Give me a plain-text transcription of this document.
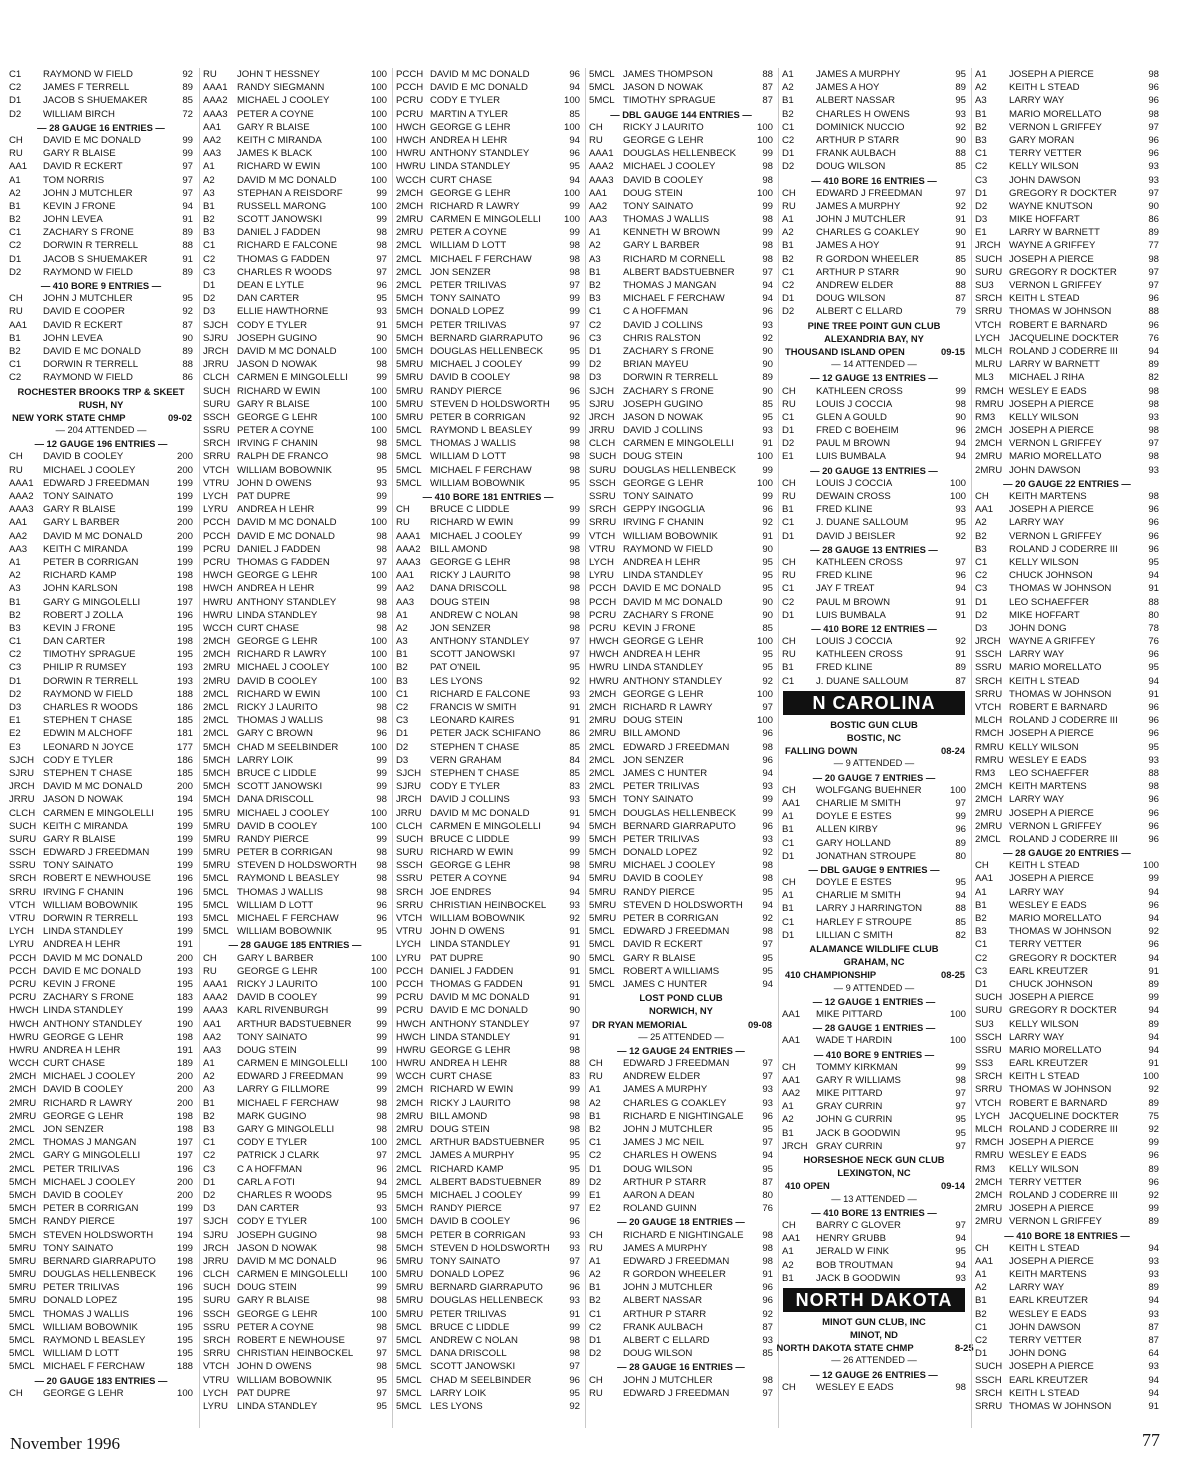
C1	RAYMOND W FIELD	92
C2	JAMES F TERRELL	89
D1	JACOB S SHUEMAKER	85
D2	WILLIAM BIRCH	72
— 28 GAUGE 16 ENTRIES —
CH	DAVID E MC DONALD	99
RU	GARY R BLAISE	99
AA1	DAVID R ECKERT	97
A1	TOM NORRIS	97
A2	JOHN J MUTCHLER	97
B1	KEVIN J FRONE	94
B2	JOHN LEVEA	91
C1	ZACHARY S FRONE	89
C2	DORWIN R TERRELL	88
D1	JACOB S SHUEMAKER	91
D2	RAYMOND W FIELD	89
— 410 BORE 9 ENTRIES —
CH	JOHN J MUTCHLER	95
RU	DAVID E COOPER	92
AA1	DAVID R ECKERT	87
B1	JOHN LEVEA	90
B2	DAVID E MC DONALD	89
C1	DORWIN R TERRELL	88
C2	RAYMOND W FIELD	86
ROCHESTER BROOKS TRP & SKEET
RUSH, NY
NEW YORK STATE CHMP	09-02
— 204 ATTENDED —
— 12 GAUGE 196 ENTRIES —
CH	DAVID B COOLEY	200
RU	MICHAEL J COOLEY	200
AAA1 EDWARD J FREEDMAN	199
AAA2 TONY SAINATO	199
AAA3 GARY R BLAISE	199
AA1	GARY L BARBER	200
AA2	DAVID M MC DONALD	200
AA3	KEITH C MIRANDA	199
A1	PETER B CORRIGAN	199
A2	RICHARD KAMP	198
A3	JOHN KARLSON	198
B1	GARY G MINGOLELLI	197
B2	ROBERT J ZOLLA	196
B3	KEVIN J FRONE	195
C1	DAN CARTER	198
C2	TIMOTHY SPRAGUE	195
C3	PHILIP R RUMSEY	193
D1	DORWIN R TERRELL	193
D2	RAYMOND W FIELD	188
D3	CHARLES R WOODS	186
E1	STEPHEN T CHASE	185
E2	EDWIN M ALCHOFF	181
E3	LEONARD N JOYCE	177
SJCH CODY E TYLER	186
SJRU STEPHEN T CHASE	185
JRCH DAVID M MC DONALD	200
JRRU JASON D NOWAK	194
CLCH CARMEN E MINGOLELLI	195
SUCH KEITH C MIRANDA	199
SURU GARY R BLAISE	199
SSCH EDWARD J FREEDMAN	199
SSRU TONY SAINATO	199
SRCH ROBERT E NEWHOUSE	196
SRRU IRVING F CHANIN	196
VTCH WILLIAM BOBOWNIK	195
VTRU DORWIN R TERRELL	193
LYCH LINDA STANDLEY	199
LYRU ANDREA H LEHR	191
PCCH DAVID M MC DONALD	200
PCCH DAVID E MC DONALD	193
PCRU KEVIN J FRONE	195
PCRU ZACHARY S FRONE	183
HWCH LINDA STANDLEY	199
HWCH ANTHONY STANDLEY	190
HWRU GEORGE G LEHR	198
HWRU ANDREA H LEHR	191
WCCH CURT CHASE	189
2MCH MICHAEL J COOLEY	200
2MCH DAVID B COOLEY	200
2MRU RICHARD R LAWRY	200
2MRU GEORGE G LEHR	198
2MCL JON SENZER	198
2MCL THOMAS J MANGAN	197
2MCL GARY G MINGOLELLI	197
2MCL PETER TRILIVAS	196
5MCH MICHAEL J COOLEY	200
5MCH DAVID B COOLEY	200
5MCH PETER B CORRIGAN	199
5MCH RANDY PIERCE	197
5MCH STEVEN HOLDSWORTH	194
5MRU TONY SAINATO	199
5MRU BERNARD GIARRAPUTO	198
5MRU DOUGLAS HELLENBECK	196
5MRU PETER TRILIVAS	196
5MRU DONALD LOPEZ	195
5MCL THOMAS J WALLIS	196
5MCL WILLIAM BOBOWNIK	195
5MCL RAYMOND L BEASLEY	195
5MCL WILLIAM D LOTT	195
5MCL MICHAEL F FERCHAW	188
— 20 GAUGE 183 ENTRIES —
CH	GEORGE G LEHR	100
RU	JOHN T HESSNEY	100
AAA1 RANDY SIEGMANN	100
AAA2 MICHAEL J COOLEY	100
AAA3 PETER A COYNE	100
AA1	GARY R BLAISE	100
AA2	KEITH C MIRANDA	100
AA3	JAMES K BLACK	100
A1	RICHARD W EWIN	100
A2	DAVID M MC DONALD	100
A3	STEPHAN A REISDORF	99
B1	RUSSELL MARONG	100
B2	SCOTT JANOWSKI	99
B3	DANIEL J FADDEN	98
C1	RICHARD E FALCONE	98
C2	THOMAS G FADDEN	97
C3	CHARLES R WOODS	97
D1	DEAN E LYTLE	96
D2	DAN CARTER	95
D3	ELLIE HAWTHORNE	93
SJCH CODY E TYLER	91
SJRU JOSEPH GUGINO	90
JRCH DAVID M MC DONALD	100
JRRU JASON D NOWAK	98
CLCH CARMEN E MINGOLELLI	99
SUCH RICHARD W EWIN	100
SURU GARY R BLAISE	100
SSCH GEORGE G LEHR	100
SSRU PETER A COYNE	100
SRCH IRVING F CHANIN	98
SRRU RALPH DE FRANCO	98
VTCH WILLIAM BOBOWNIK	95
VTRU JOHN D OWENS	93
LYCH PAT DUPRE	99
LYRU ANDREA H LEHR	99
PCCH DAVID M MC DONALD	100
PCCH DAVID E MC DONALD	98
PCRU DANIEL J FADDEN	98
PCRU THOMAS G FADDEN	97
HWCH GEORGE G LEHR	100
HWCH ANDREA H LEHR	99
HWRU ANTHONY STANDLEY	98
HWRU LINDA STANDLEY	98
WCCH CURT CHASE	98
2MCH GEORGE G LEHR	100
2MCH RICHARD R LAWRY	100
2MRU MICHAEL J COOLEY	100
2MRU DAVID B COOLEY	100
2MCL RICHARD W EWIN	100
2MCL RICKY J LAURITO	98
2MCL THOMAS J WALLIS	98
2MCL GARY C BROWN	96
5MCH CHAD M SEELBINDER	100
5MCH LARRY LOIK	99
5MCH BRUCE C LIDDLE	99
5MCH SCOTT JANOWSKI	99
5MCH DANA DRISCOLL	98
5MRU MICHAEL J COOLEY	100
5MRU DAVID B COOLEY	100
5MRU RANDY PIERCE	99
5MRU PETER B CORRIGAN	98
5MRU STEVEN D HOLDSWORTH	98
5MCL RAYMOND L BEASLEY	98
5MCL THOMAS J WALLIS	98
5MCL WILLIAM D LOTT	96
5MCL MICHAEL F FERCHAW	96
5MCL WILLIAM BOBOWNIK	95
— 28 GAUGE 185 ENTRIES —
CH	GARY L BARBER	100
RU	GEORGE G LEHR	100
AAA1 RICKY J LAURITO	100
AAA2 DAVID B COOLEY	99
AAA3 KARL RIVENBURGH	99
AA1	ARTHUR BADSTUEBNER	99
AA2	TONY SAINATO	99
AA3	DOUG STEIN	99
A1	CARMEN E MINGOLELLI	100
A2	EDWARD J FREEDMAN	99
A3	LARRY G FILLMORE	99
B1	MICHAEL F FERCHAW	98
B2	MARK GUGINO	98
B3	GARY G MINGOLELLI	98
C1	CODY E TYLER	100
C2	PATRICK J CLARK	97
C3	C A HOFFMAN	96
D1	CARL A FOTI	94
D2	CHARLES R WOODS	95
D3	DAN CARTER	93
SJCH CODY E TYLER	100
SJRU JOSEPH GUGINO	98
JRCH JASON D NOWAK	98
JRRU DAVID M MC DONALD	96
CLCH CARMEN E MINGOLELLI	100
SUCH DOUG STEIN	99
SURU GARY R BLAISE	98
SSCH GEORGE G LEHR	100
SSRU PETER A COYNE	98
SRCH ROBERT E NEWHOUSE	97
SRRU CHRISTIAN HEINBOCKEL	97
VTCH JOHN D OWENS	98
VTRU WILLIAM BOBOWNIK	95
LYCH PAT DUPRE	97
LYRU LINDA STANDLEY	95
PCCH DAVID M MC DONALD	96
PCCH DAVID E MC DONALD	94
PCRU CODY E TYLER	100
PCRU MARTIN A TYLER	85
HWCH GEORGE G LEHR	100
HWCH ANDREA H LEHR	94
HWRU ANTHONY STANDLEY	96
HWRU LINDA STANDLEY	95
WCCH CURT CHASE	94
2MCH GEORGE G LEHR	100
2MCH RICHARD R LAWRY	99
2MRU CARMEN E MINGOLELLI	100
2MRU PETER A COYNE	99
2MCL WILLIAM D LOTT	98
2MCL MICHAEL F FERCHAW	98
2MCL JON SENZER	98
2MCL PETER TRILIVAS	97
5MCH TONY SAINATO	99
5MCH DONALD LOPEZ	99
5MCH PETER TRILIVAS	97
5MCH BERNARD GIARRAPUTO	96
5MCH DOUGLAS HELLENBECK	95
5MRU MICHAEL J COOLEY	99
5MRU DAVID B COOLEY	98
5MRU RANDY PIERCE	96
5MRU STEVEN D HOLDSWORTH	95
5MRU PETER B CORRIGAN	92
5MCL RAYMOND L BEASLEY	99
5MCL THOMAS J WALLIS	98
5MCL WILLIAM D LOTT	98
5MCL MICHAEL F FERCHAW	98
5MCL WILLIAM BOBOWNIK	95
— 410 BORE 181 ENTRIES —
CH	BRUCE C LIDDLE	99
RU	RICHARD W EWIN	99
AAA1 MICHAEL J COOLEY	99
AAA2 BILL AMOND	98
AAA3 GEORGE G LEHR	98
AA1	RICKY J LAURITO	98
AA2	DANA DRISCOLL	98
AA3	DOUG STEIN	98
A1	ANDREW C NOLAN	98
A2	JON SENZER	98
A3	ANTHONY STANDLEY	97
B1	SCOTT JANOWSKI	97
B2	PAT O'NEIL	95
B3	LES LYONS	92
C1	RICHARD E FALCONE	93
C2	FRANCIS W SMITH	91
C3	LEONARD KAIRES	91
D1	PETER JACK SCHIFANO	86
D2	STEPHEN T CHASE	85
D3	VERN GRAHAM	84
SJCH STEPHEN T CHASE	85
SJRU CODY E TYLER	83
JRCH DAVID J COLLINS	93
JRRU DAVID M MC DONALD	91
CLCH CARMEN E MINGOLELLI	94
SUCH BRUCE C LIDDLE	99
SURU RICHARD W EWIN	99
SSCH GEORGE G LEHR	98
SSRU PETER A COYNE	94
SRCH JOE ENDRES	94
SRRU CHRISTIAN HEINBOCKEL	93
VTCH WILLIAM BOBOWNIK	92
VTRU JOHN D OWENS	91
LYCH LINDA STANDLEY	91
LYRU PAT DUPRE	90
PCCH DANIEL J FADDEN	91
PCCH THOMAS G FADDEN	91
PCRU DAVID M MC DONALD	91
PCRU DAVID E MC DONALD	90
HWCH ANTHONY STANDLEY	97
HWCH LINDA STANDLEY	91
HWRU GEORGE G LEHR	98
HWRU ANDREA H LEHR	88
WCCH CURT CHASE	83
2MCH RICHARD W EWIN	99
2MCH RICKY J LAURITO	98
2MRU BILL AMOND	98
2MRU DOUG STEIN	98
2MCL ARTHUR BADSTUEBNER	95
2MCL JAMES A MURPHY	95
2MCL RICHARD KAMP	95
2MCL ALBERT BADSTUEBNER	89
5MCH MICHAEL J COOLEY	99
5MCH RANDY PIERCE	97
5MCH DAVID B COOLEY	96
5MCH PETER B CORRIGAN	93
5MCH STEVEN D HOLDSWORTH	93
5MRU TONY SAINATO	97
5MRU DONALD LOPEZ	96
5MRU BERNARD GIARRAPUTO	96
5MRU DOUGLAS HELLENBECK	93
5MRU PETER TRILIVAS	91
5MCL BRUCE C LIDDLE	99
5MCL ANDREW C NOLAN	98
5MCL DANA DRISCOLL	98
5MCL SCOTT JANOWSKI	97
5MCL CHAD M SEELBINDER	96
5MCL LARRY LOIK	95
5MCL LES LYONS	92
5MCL JAMES THOMPSON	88
5MCL JASON D NOWAK	87
5MCL TIMOTHY SPRAGUE	87
— DBL GAUGE 144 ENTRIES —
CH	RICKY J LAURITO	100
RU	GEORGE G LEHR	100
AAA1 DOUGLAS HELLENBECK	99
AAA2 MICHAEL J COOLEY	98
AAA3 DAVID B COOLEY	98
AA1	DOUG STEIN	100
AA2	TONY SAINATO	99
AA3	THOMAS J WALLIS	98
A1	KENNETH W BROWN	99
A2	GARY L BARBER	98
A3	RICHARD M CORNELL	98
B1	ALBERT BADSTUEBNER	97
B2	THOMAS J MANGAN	94
B3	MICHAEL F FERCHAW	94
C1	C A HOFFMAN	96
C2	DAVID J COLLINS	93
C3	CHRIS RALSTON	92
D1	ZACHARY S FRONE	90
D2	BRIAN MAYEU	90
D3	DORWIN R TERRELL	89
SJCH ZACHARY S FRONE	90
SJRU JOSEPH GUGINO	85
JRCH JASON D NOWAK	95
JRRU DAVID J COLLINS	93
CLCH CARMEN E MINGOLELLI	91
SUCH DOUG STEIN	100
SURU DOUGLAS HELLENBECK	99
SSCH GEORGE G LEHR	100
SSRU TONY SAINATO	99
SRCH GEPPY INGOGLIA	96
SRRU IRVING F CHANIN	92
VTCH WILLIAM BOBOWNIK	91
VTRU RAYMOND W FIELD	90
LYCH ANDREA H LEHR	95
LYRU LINDA STANDLEY	95
PCCH DAVID E MC DONALD	95
PCCH DAVID M MC DONALD	90
PCRU ZACHARY S FRONE	90
PCRU KEVIN J FRONE	85
HWCH GEORGE G LEHR	100
HWCH ANDREA H LEHR	95
HWRU LINDA STANDLEY	95
HWRU ANTHONY STANDLEY	92
2MCH GEORGE G LEHR	100
2MCH RICHARD R LAWRY	97
2MRU DOUG STEIN	100
2MRU BILL AMOND	96
2MCL EDWARD J FREEDMAN	98
2MCL JON SENZER	96
2MCL JAMES C HUNTER	94
2MCL PETER TRILIVAS	93
5MCH TONY SAINATO	99
5MCH DOUGLAS HELLENBECK	99
5MCH BERNARD GIARRAPUTO	96
5MCH PETER TRILIVAS	93
5MCH DONALD LOPEZ	92
5MRU MICHAEL J COOLEY	98
5MRU DAVID B COOLEY	98
5MRU RANDY PIERCE	95
5MRU STEVEN D HOLDSWORTH	94
5MRU PETER B CORRIGAN	92
5MCL EDWARD J FREEDMAN	98
5MCL DAVID R ECKERT	97
5MCL GARY R BLAISE	95
5MCL ROBERT A WILLIAMS	95
5MCL JAMES C HUNTER	94
LOST POND CLUB
NORWICH, NY
DR RYAN MEMORIAL	09-08
— 25 ATTENDED —
— 12 GAUGE 24 ENTRIES —
CH	EDWARD J FREEDMAN	97
RU	ANDREW ELDER	97
A1	JAMES A MURPHY	93
A2	CHARLES G COAKLEY	93
B1	RICHARD E NIGHTINGALE	96
B2	JOHN J MUTCHLER	95
C1	JAMES J MC NEIL	97
C2	CHARLES H OWENS	94
D1	DOUG WILSON	95
D2	ARTHUR P STARR	87
E1	AARON A DEAN	80
E2	ROLAND GUINN	76
— 20 GAUGE 18 ENTRIES —
CH	RICHARD E NIGHTINGALE	98
RU	JAMES A MURPHY	98
A1	EDWARD J FREEDMAN	98
A2	R GORDON WHEELER	91
B1	JOHN J MUTCHLER	96
B2	ALBERT NASSAR	96
C1	ARTHUR P STARR	92
C2	FRANK AULBACH	87
D1	ALBERT C ELLARD	93
D2	DOUG WILSON	85
— 28 GAUGE 16 ENTRIES —
CH	JOHN J MUTCHLER	98
RU	EDWARD J FREEDMAN	97
A1	JAMES A MURPHY	95
A2	JAMES A HOY	89
B1	ALBERT NASSAR	95
B2	CHARLES H OWENS	93
C1	DOMINICK NUCCIO	92
C2	ARTHUR P STARR	90
D1	FRANK AULBACH	88
D2	DOUG WILSON	85
— 410 BORE 16 ENTRIES —
CH	EDWARD J FREEDMAN	97
RU	JAMES A MURPHY	92
A1	JOHN J MUTCHLER	91
A2	CHARLES G COAKLEY	90
B1	JAMES A HOY	91
B2	R GORDON WHEELER	85
C1	ARTHUR P STARR	90
C2	ANDREW ELDER	88
D1	DOUG WILSON	87
D2	ALBERT C ELLARD	79
PINE TREE POINT GUN CLUB
ALEXANDRIA BAY, NY
THOUSAND ISLAND OPEN	09-15
— 14 ATTENDED —
— 12 GAUGE 13 ENTRIES —
CH	KATHLEEN CROSS	99
RU	LOUIS J COCCIA	98
C1	GLEN A GOULD	90
D1	FRED C BOEHEIM	96
D2	PAUL M BROWN	94
E1	LUIS BUMBALA	94
— 20 GAUGE 13 ENTRIES —
CH	LOUIS J COCCIA	100
RU	DEWAIN CROSS	100
B1	FRED KLINE	93
C1	J. DUANE SALLOUM	95
D1	DAVID J BEISLER	92
— 28 GAUGE 13 ENTRIES —
CH	KATHLEEN CROSS	97
RU	FRED KLINE	96
C1	JAY F TREAT	94
C2	PAUL M BROWN	91
D1	LUIS BUMBALA	91
— 410 BORE 12 ENTRIES —
CH	LOUIS J COCCIA	92
RU	KATHLEEN CROSS	91
B1	FRED KLINE	89
C1	J. DUANE SALLOUM	87
N CAROLINA
BOSTIC GUN CLUB
BOSTIC, NC
FALLING DOWN	08-24
— 9 ATTENDED —
— 20 GAUGE 7 ENTRIES —
CH	WOLFGANG BUEHNER	100
AA1	CHARLIE M SMITH	97
A1	DOYLE E ESTES	99
B1	ALLEN KIRBY	96
C1	GARY HOLLAND	89
D1	JONATHAN STROUPE	80
— DBL GAUGE 9 ENTRIES —
CH	DOYLE E ESTES	95
A1	CHARLIE M SMITH	94
B1	LARRY J HARRINGTON	88
C1	HARLEY F STROUPE	85
D1	LILLIAN C SMITH	82
ALAMANCE WILDLIFE CLUB
GRAHAM, NC
410 CHAMPIONSHIP	08-25
— 9 ATTENDED —
— 12 GAUGE 1 ENTRIES —
AA1	MIKE PITTARD	100
— 28 GAUGE 1 ENTRIES —
AA1	WADE T HARDIN	100
— 410 BORE 9 ENTRIES —
CH	TOMMY KIRKMAN	99
AA1	GARY R WILLIAMS	98
AA2	MIKE PITTARD	97
A1	GRAY CURRIN	97
A2	JOHN G CURRIN	95
B1	JACK B GOODWIN	95
JRCH GRAY CURRIN	97
HORSESHOE NECK GUN CLUB
LEXINGTON, NC
410 OPEN	09-14
— 13 ATTENDED —
— 410 BORE 13 ENTRIES —
CH	BARRY C GLOVER	97
AA1	HENRY GRUBB	94
A1	JERALD W FINK	95
A2	BOB TROUTMAN	94
B1	JACK B GOODWIN	93
NORTH DAKOTA
MINOT GUN CLUB, INC
MINOT, ND
NORTH DAKOTA STATE CHMP	8-25
— 26 ATTENDED —
— 12 GAUGE 26 ENTRIES —
CH	WESLEY E EADS	98
A1	JOSEPH A PIERCE	98
A2	KEITH L STEAD	96
A3	LARRY WAY	96
B1	MARIO MORELLATO	98
B2	VERNON L GRIFFEY	97
B3	GARY MORAN	96
C1	TERRY VETTER	96
C2	KELLY WILSON	93
C3	JOHN DAWSON	93
D1	GREGORY R DOCKTER	97
D2	WAYNE KNUTSON	90
D3	MIKE HOFFART	86
E1	LARRY W BARNETT	89
JRCH WAYNE A GRIFFEY	77
SUCH JOSEPH A PIERCE	98
SURU GREGORY R DOCKTER	97
SU3	VERNON L GRIFFEY	97
SRCH KEITH L STEAD	96
SRRU THOMAS W JOHNSON	88
VTCH ROBERT E BARNARD	96
LYCH JACQUELINE DOCKTER	76
MLCH ROLAND J CODERRE III	94
MLRU LARRY W BARNETT	89
ML3	MICHAEL J RIHA	82
RMCH WESLEY E EADS	98
RMRU JOSEPH A PIERCE	98
RM3	KELLY WILSON	93
2MCH JOSEPH A PIERCE	98
2MCH VERNON L GRIFFEY	97
2MRU MARIO MORELLATO	98
2MRU JOHN DAWSON	93
— 20 GAUGE 22 ENTRIES —
CH	KEITH MARTENS	98
AA1	JOSEPH A PIERCE	96
A2	LARRY WAY	96
B2	VERNON L GRIFFEY	96
B3	ROLAND J CODERRE III	96
C1	KELLY WILSON	95
C2	CHUCK JOHNSON	94
C3	THOMAS W JOHNSON	91
D1	LEO SCHAEFFER	88
D2	MIKE HOFFART	80
D3	JOHN DONG	78
JRCH WAYNE A GRIFFEY	76
SSCH LARRY WAY	96
SSRU MARIO MORELLATO	95
SRCH KEITH L STEAD	94
SRRU THOMAS W JOHNSON	91
VTCH ROBERT E BARNARD	96
MLCH ROLAND J CODERRE III	96
RMCH JOSEPH A PIERCE	96
RMRU KELLY WILSON	95
RMRU WESLEY E EADS	93
RM3	LEO SCHAEFFER	88
2MCH KEITH MARTENS	98
2MCH LARRY WAY	96
2MRU JOSEPH A PIERCE	96
2MRU VERNON L GRIFFEY	96
2MCL ROLAND J CODERRE III	96
— 28 GAUGE 20 ENTRIES —
CH	KEITH L STEAD	100
AA1	JOSEPH A PIERCE	99
A1	LARRY WAY	94
B1	WESLEY E EADS	96
B2	MARIO MORELLATO	94
B3	THOMAS W JOHNSON	92
C1	TERRY VETTER	96
C2	GREGORY R DOCKTER	94
C3	EARL KREUTZER	91
D1	CHUCK JOHNSON	89
SUCH JOSEPH A PIERCE	99
SURU GREGORY R DOCKTER	94
SU3	KELLY WILSON	89
SSCH LARRY WAY	94
SSRU MARIO MORELLATO	94
SS3	EARL KREUTZER	91
SRCH KEITH L STEAD	100
SRRU THOMAS W JOHNSON	92
VTCH ROBERT E BARNARD	89
LYCH JACQUELINE DOCKTER	75
MLCH ROLAND J CODERRE III	92
RMCH JOSEPH A PIERCE	99
RMRU WESLEY E EADS	96
RM3	KELLY WILSON	89
2MCH TERRY VETTER	96
2MCH ROLAND J CODERRE III	92
2MRU JOSEPH A PIERCE	99
2MRU VERNON L GRIFFEY	89
— 410 BORE 18 ENTRIES —
CH	KEITH L STEAD	94
AA1	JOSEPH A PIERCE	93
A1	KEITH MARTENS	93
A2	LARRY WAY	89
B1	EARL KREUTZER	94
B2	WESLEY E EADS	93
C1	JOHN DAWSON	87
C2	TERRY VETTER	87
D1	JOHN DONG	64
SUCH JOSEPH A PIERCE	93
SSCH EARL KREUTZER	94
SRCH KEITH L STEAD	94
SRRU THOMAS W JOHNSON	91
November 1996	77
